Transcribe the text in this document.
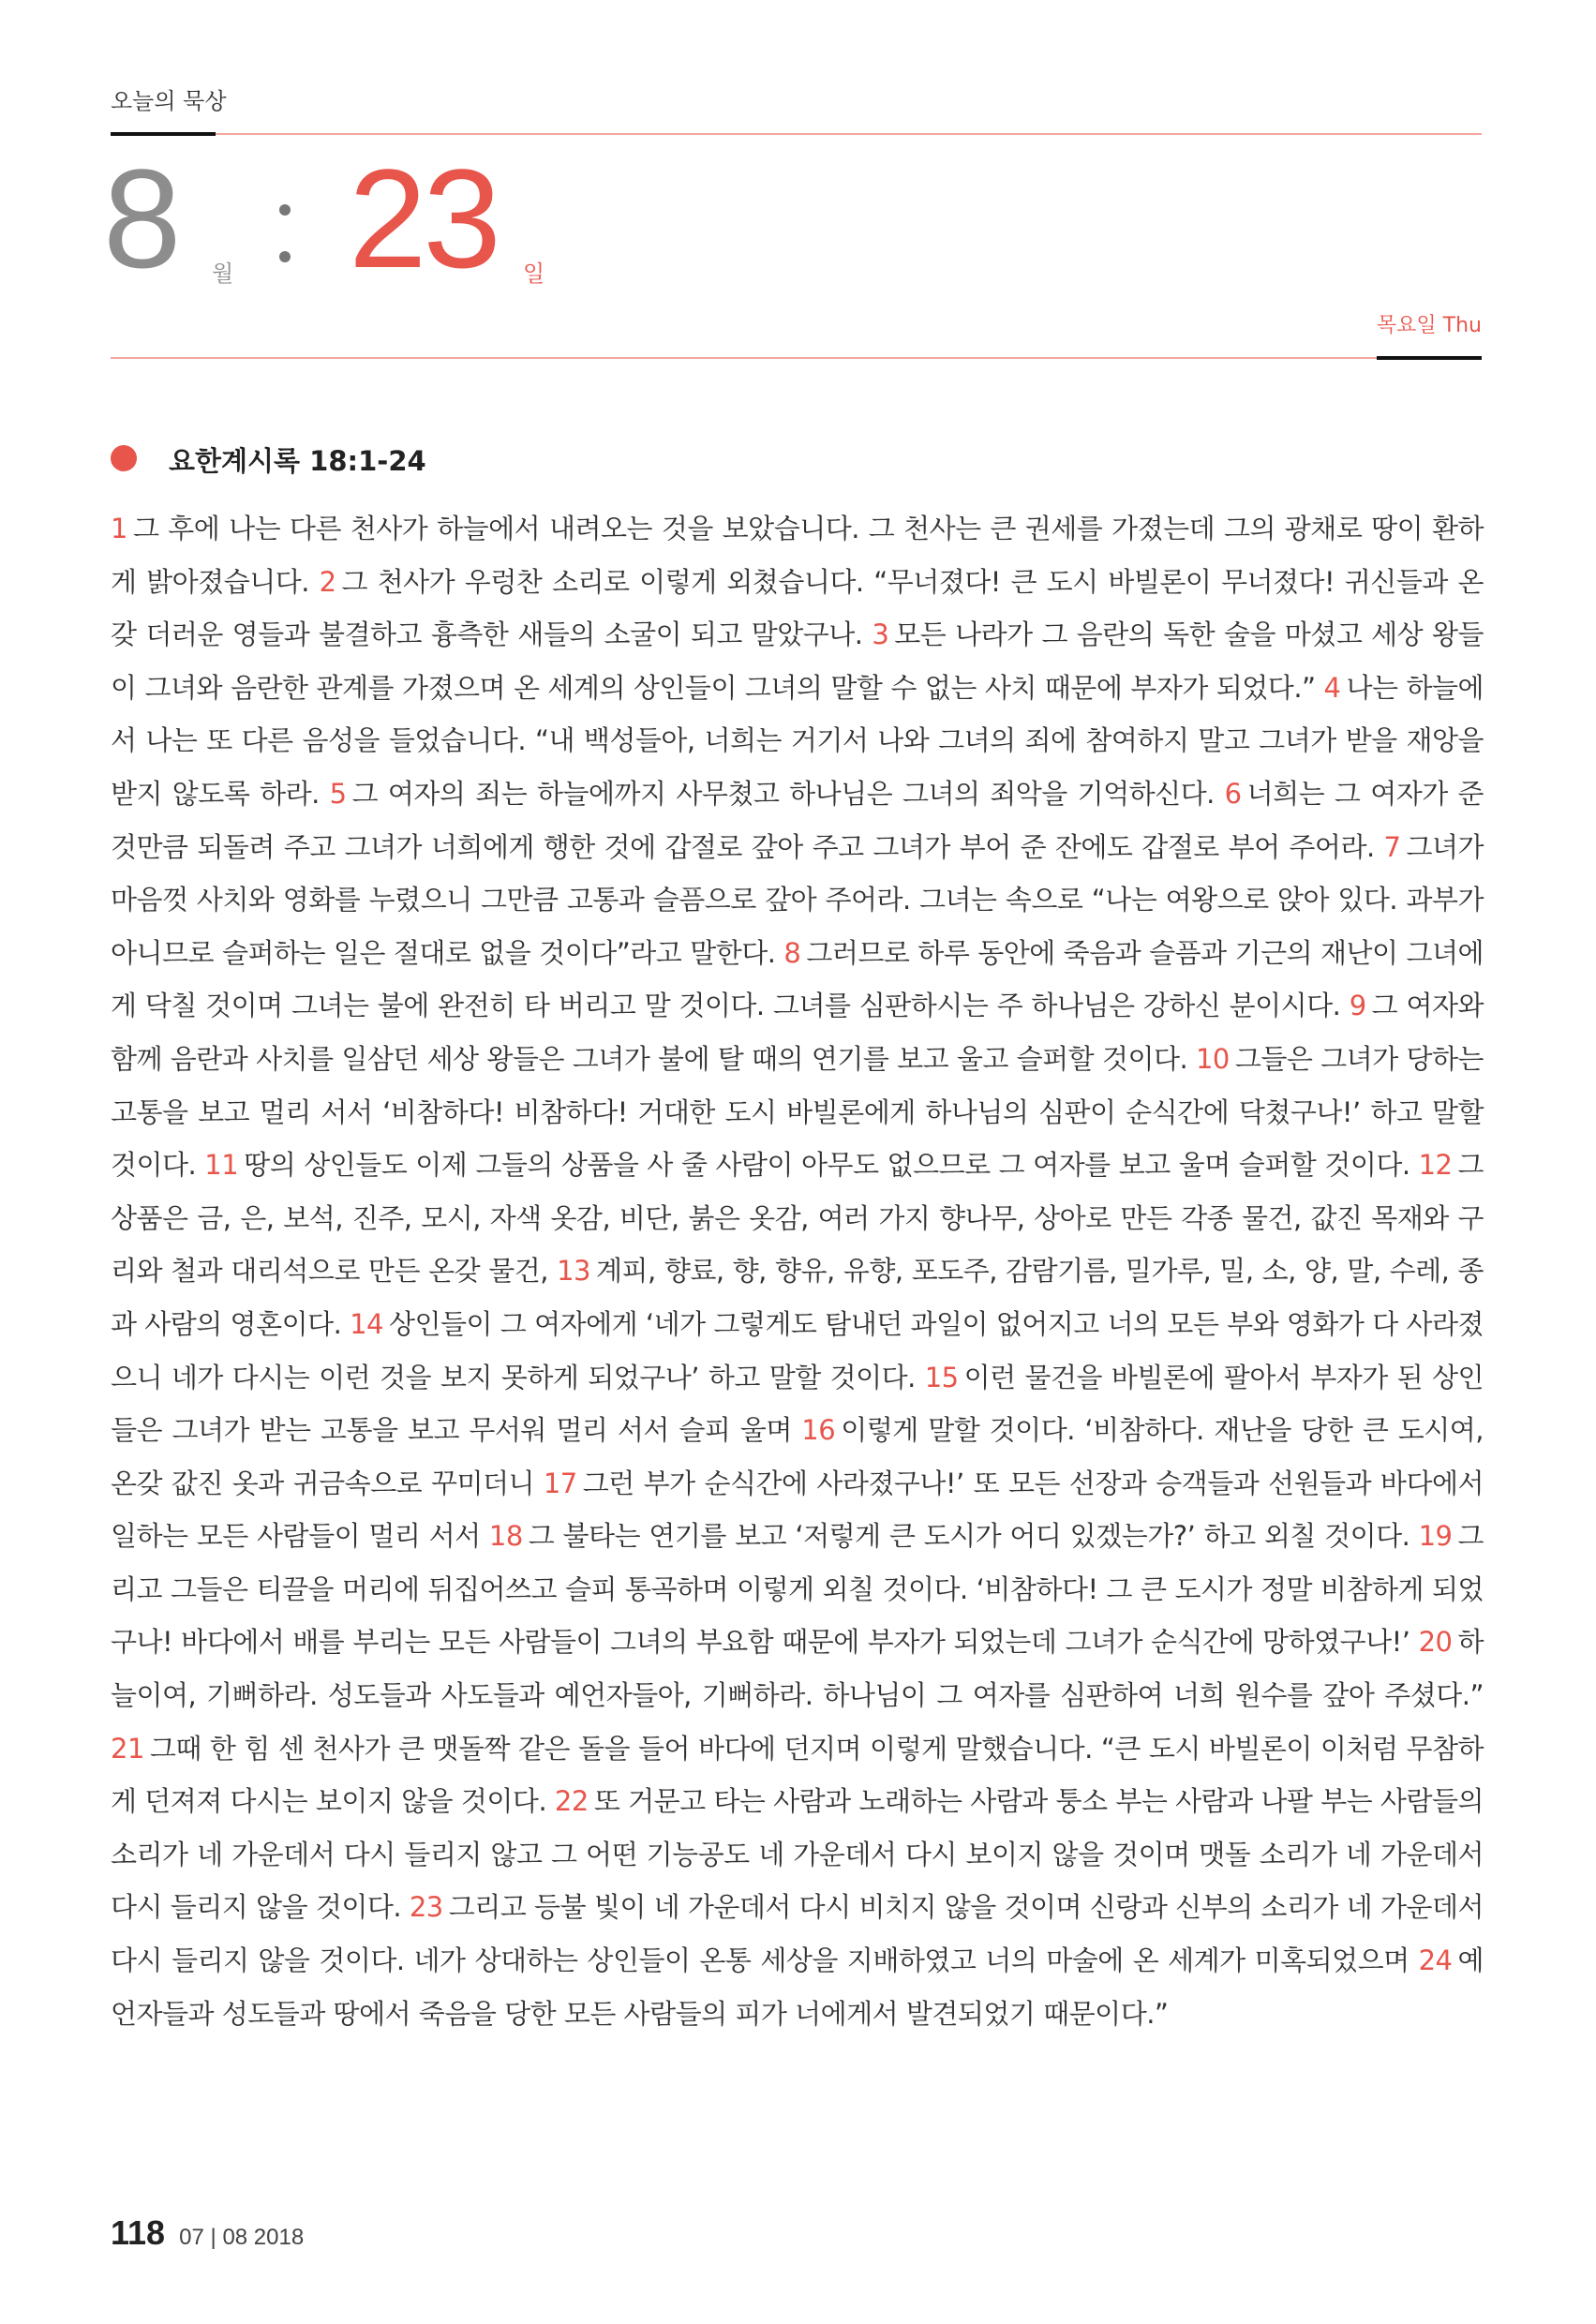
오늘의 묵상
8 월 23 일
목요일 Thu
요한계시록 18:1-24
1 그 후에 나는 다른 천사가 하늘에서 내려오는 것을 보았습니다. 그 천사는 큰 권세를 가졌는데 그의 광채로 땅이 환하게 밝아졌습니다. 2 그 천사가 우렁찬 소리로 이렇게 외쳤습니다. “무너졌다! 큰 도시 바빌론이 무너졌다! 귀신들과 온갖 더러운 영들과 불결하고 흉측한 새들의 소굴이 되고 말았구나. 3 모든 나라가 그 음란의 독한 술을 마셨고 세상 왕들이 그녀와 음란한 관계를 가졌으며 온 세계의 상인들이 그녀의 말할 수 없는 사치 때문에 부자가 되었다.” 4 나는 하늘에서 나는 또 다른 음성을 들었습니다. “내 백성들아, 너희는 거기서 나와 그녀의 죄에 참여하지 말고 그녀가 받을 재앙을 받지 않도록 하라. 5 그 여자의 죄는 하늘에까지 사무쳤고 하나님은 그녀의 죄악을 기억하신다. 6 너희는 그 여자가 준 것만큼 되돌려 주고 그녀가 너희에게 행한 것에 갑절로 갚아 주고 그녀가 부어 준 잔에도 갑절로 부어 주어라. 7 그녀가 마음껏 사치와 영화를 누렸으니 그만큼 고통과 슬픔으로 갚아 주어라. 그녀는 속으로 “나는 여왕으로 앉아 있다. 과부가 아니므로 슬퍼하는 일은 절대로 없을 것이다”라고 말한다. 8 그러므로 하루 동안에 죽음과 슬픔과 기근의 재난이 그녀에게 닥칠 것이며 그녀는 불에 완전히 타 버리고 말 것이다. 그녀를 심판하시는 주 하나님은 강하신 분이시다. 9 그 여자와 함께 음란과 사치를 일삼던 세상 왕들은 그녀가 불에 탈 때의 연기를 보고 울고 슬퍼할 것이다. 10 그들은 그녀가 당하는 고통을 보고 멀리 서서 ‘비참하다! 비참하다! 거대한 도시 바빌론에게 하나님의 심판이 순식간에 닥쳤구나!’ 하고 말할 것이다. 11 땅의 상인들도 이제 그들의 상품을 사 줄 사람이 아무도 없으므로 그 여자를 보고 울며 슬퍼할 것이다. 12 그 상품은 금, 은, 보석, 진주, 모시, 자색 옷감, 비단, 붉은 옷감, 여러 가지 향나무, 상아로 만든 각종 물건, 값진 목재와 구리와 철과 대리석으로 만든 온갖 물건, 13 계피, 향료, 향, 향유, 유향, 포도주, 감람기름, 밀가루, 밀, 소, 양, 말, 수레, 종과 사람의 영혼이다. 14 상인들이 그 여자에게 ‘네가 그렇게도 탐내던 과일이 없어지고 너의 모든 부와 영화가 다 사라졌으니 네가 다시는 이런 것을 보지 못하게 되었구나’ 하고 말할 것이다. 15 이런 물건을 바빌론에 팔아서 부자가 된 상인들은 그녀가 받는 고통을 보고 무서워 멀리 서서 슬피 울며 16 이렇게 말할 것이다. ‘비참하다. 재난을 당한 큰 도시여, 온갖 값진 옷과 귀금속으로 꾸미더니 17 그런 부가 순식간에 사라졌구나!’ 또 모든 선장과 승객들과 선원들과 바다에서 일하는 모든 사람들이 멀리 서서 18 그 불타는 연기를 보고 ‘저렇게 큰 도시가 어디 있겠는가?’ 하고 외칠 것이다. 19 그리고 그들은 티끌을 머리에 뒤집어쓰고 슬피 통곡하며 이렇게 외칠 것이다. ‘비참하다! 그 큰 도시가 정말 비참하게 되었구나! 바다에서 배를 부리는 모든 사람들이 그녀의 부요함 때문에 부자가 되었는데 그녀가 순식간에 망하였구나!’ 20 하늘이여, 기뻐하라. 성도들과 사도들과 예언자들아, 기뻐하라. 하나님이 그 여자를 심판하여 너희 원수를 갚아 주셨다.” 21 그때 한 힘 센 천사가 큰 맷돌짝 같은 돌을 들어 바다에 던지며 이렇게 말했습니다. “큰 도시 바빌론이 이처럼 무참하게 던져져 다시는 보이지 않을 것이다. 22 또 거문고 타는 사람과 노래하는 사람과 퉁소 부는 사람과 나팔 부는 사람들의 소리가 네 가운데서 다시 들리지 않고 그 어떤 기능공도 네 가운데서 다시 보이지 않을 것이며 맷돌 소리가 네 가운데서 다시 들리지 않을 것이다. 23 그리고 등불 빛이 네 가운데서 다시 비치지 않을 것이며 신랑과 신부의 소리가 네 가운데서 다시 들리지 않을 것이다. 네가 상대하는 상인들이 온통 세상을 지배하였고 너의 마술에 온 세계가 미혹되었으며 24 예언자들과 성도들과 땅에서 죽음을 당한 모든 사람들의 피가 너에게서 발견되었기 때문이다.”
118 07 | 08 2018
